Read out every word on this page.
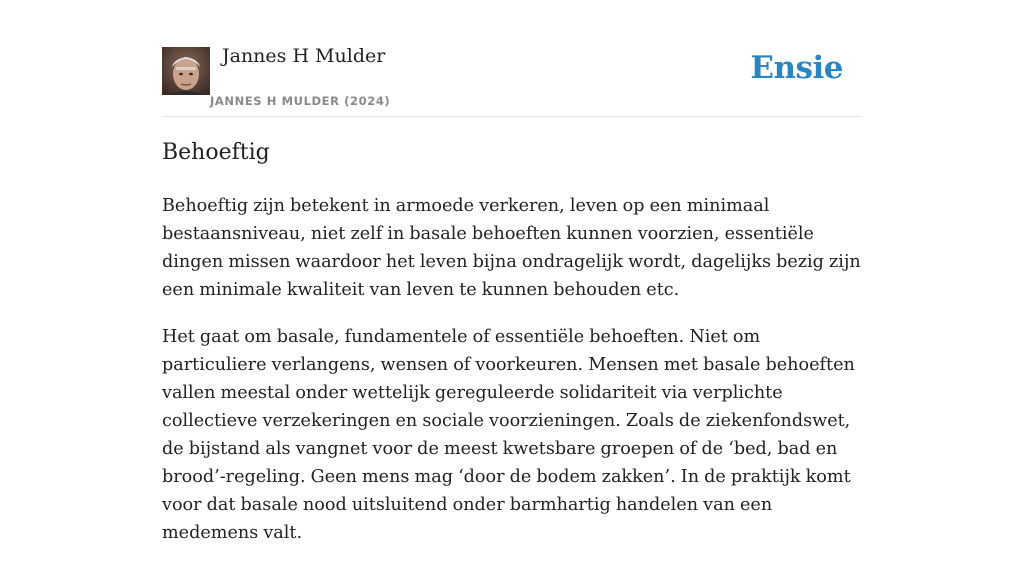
Jannes H Mulder
JANNES H MULDER (2024)
Ensie
Behoeftig

Behoeftig zijn betekent in armoede verkeren, leven op een minimaal bestaansniveau, niet zelf in basale behoeften kunnen voorzien, essentiële dingen missen waardoor het leven bijna ondragelijk wordt, dagelijks bezig zijn een minimale kwaliteit van leven te kunnen behouden etc.

Het gaat om basale, fundamentele of essentiële behoeften. Niet om particuliere verlangens, wensen of voorkeuren. Mensen met basale behoeften vallen meestal onder wettelijk gereguleerde solidariteit via verplichte collectieve verzekeringen en sociale voorzieningen. Zoals de ziekenfondswet, de bijstand als vangnet voor de meest kwetsbare groepen of de ‘bed, bad en brood’-regeling. Geen mens mag ‘door de bodem zakken’. In de praktijk komt voor dat basale nood uitsluitend onder barmhartig handelen van een medemens valt.
